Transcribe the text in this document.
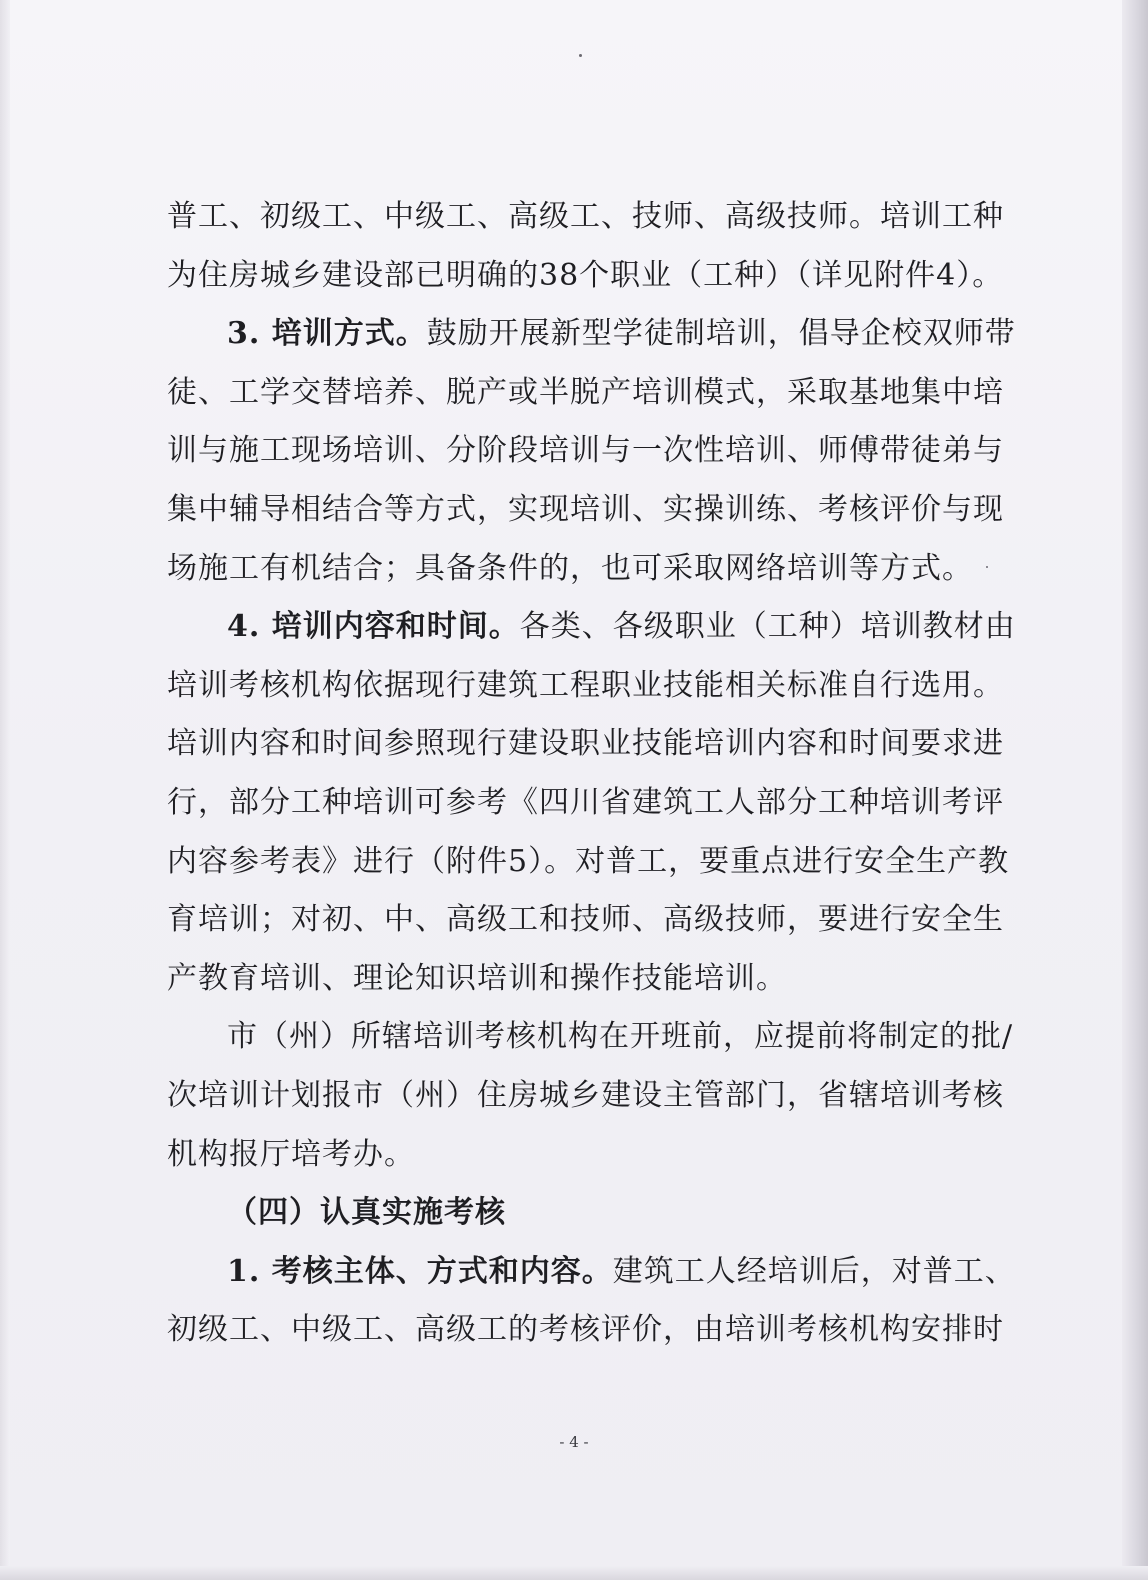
普工、初级工、中级工、高级工、技师、高级技师。培训工种
为住房城乡建设部已明确的38个职业（工种）（详见附件4）。
3. 培训方式。鼓励开展新型学徒制培训，倡导企校双师带
徒、工学交替培养、脱产或半脱产培训模式，采取基地集中培
训与施工现场培训、分阶段培训与一次性培训、师傅带徒弟与
集中辅导相结合等方式，实现培训、实操训练、考核评价与现
场施工有机结合；具备条件的，也可采取网络培训等方式。
4. 培训内容和时间。各类、各级职业（工种）培训教材由
培训考核机构依据现行建筑工程职业技能相关标准自行选用。
培训内容和时间参照现行建设职业技能培训内容和时间要求进
行，部分工种培训可参考《四川省建筑工人部分工种培训考评
内容参考表》进行（附件5）。对普工，要重点进行安全生产教
育培训；对初、中、高级工和技师、高级技师，要进行安全生
产教育培训、理论知识培训和操作技能培训。
市（州）所辖培训考核机构在开班前，应提前将制定的批/
次培训计划报市（州）住房城乡建设主管部门，省辖培训考核
机构报厅培考办。
（四）认真实施考核
1. 考核主体、方式和内容。建筑工人经培训后，对普工、
初级工、中级工、高级工的考核评价，由培训考核机构安排时
- 4 -
